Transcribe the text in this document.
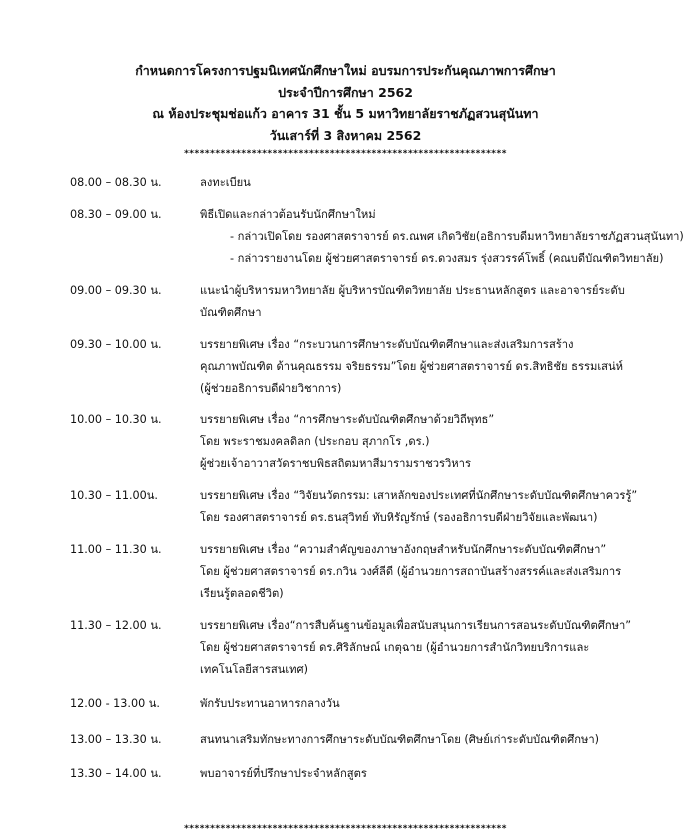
กำหนดการโครงการปฐมนิเทศนักศึกษาใหม่ อบรมการประกันคุณภาพการศึกษา
ประจำปีการศึกษา 2562
ณ ห้องประชุมช่อแก้ว อาคาร 31 ชั้น 5 มหาวิทยาลัยราชภัฏสวนสุนันทา
วันเสาร์ที่ 3 สิงหาคม 2562
**************************************************************
08.00 – 08.30 น.	ลงทะเบียน
08.30 – 09.00 น.	พิธีเปิดและกล่าวต้อนรับนักศึกษาใหม่
- กล่าวเปิดโดย รองศาสตราจารย์ ดร.ณพศ เกิดวิชัย(อธิการบดีมหาวิทยาลัยราชภัฏสวนสุนันทา)
- กล่าวรายงานโดย ผู้ช่วยศาสตราจารย์ ดร.ดวงสมร รุ่งสวรรค์โพธิ์ (คณบดีบัณฑิตวิทยาลัย)
09.00 – 09.30 น.	แนะนำผู้บริหารมหาวิทยาลัย ผู้บริหารบัณฑิตวิทยาลัย ประธานหลักสูตร และอาจารย์ระดับ
บัณฑิตศึกษา
09.30 – 10.00 น.	บรรยายพิเศษ เรื่อง “กระบวนการศึกษาระดับบัณฑิตศึกษาและส่งเสริมการสร้าง
คุณภาพบัณฑิต ด้านคุณธรรม จริยธรรม”โดย ผู้ช่วยศาสตราจารย์ ดร.สิทธิชัย ธรรมเสน่ห์
(ผู้ช่วยอธิการบดีฝ่ายวิชาการ)
10.00 – 10.30 น.	บรรยายพิเศษ เรื่อง “การศึกษาระดับบัณฑิตศึกษาด้วยวิถีพุทธ”
โดย พระราชมงคลดิลก (ประกอบ สุภากโร ,ดร.)
ผู้ช่วยเจ้าอาวาสวัดราชบพิธสถิตมหาสีมารามราชวรวิหาร
10.30 – 11.00น.	บรรยายพิเศษ เรื่อง “วิจัยนวัตกรรม: เสาหลักของประเทศที่นักศึกษาระดับบัณฑิตศึกษาควรรู้”
โดย รองศาสตราจารย์ ดร.ธนสุวิทย์ ทับหิรัญรักษ์ (รองอธิการบดีฝ่ายวิจัยและพัฒนา)
11.00 – 11.30 น.	บรรยายพิเศษ เรื่อง “ความสำคัญของภาษาอังกฤษสำหรับนักศึกษาระดับบัณฑิตศึกษา”
โดย ผู้ช่วยศาสตราจารย์ ดร.กวิน วงศ์ลีดี (ผู้อำนวยการสถาบันสร้างสรรค์และส่งเสริมการ
เรียนรู้ตลอดชีวิต)
11.30 – 12.00 น.	บรรยายพิเศษ เรื่อง“การสืบค้นฐานข้อมูลเพื่อสนับสนุนการเรียนการสอนระดับบัณฑิตศึกษา”
โดย ผู้ช่วยศาสตราจารย์ ดร.ศิริลักษณ์ เกตุฉาย (ผู้อำนวยการสำนักวิทยบริการและ
เทคโนโลยีสารสนเทศ)
12.00 - 13.00 น.	พักรับประทานอาหารกลางวัน
13.00 – 13.30 น.	สนทนาเสริมทักษะทางการศึกษาระดับบัณฑิตศึกษาโดย (ศิษย์เก่าระดับบัณฑิตศึกษา)
13.30 – 14.00 น.	พบอาจารย์ที่ปรึกษาประจำหลักสูตร
**************************************************************
